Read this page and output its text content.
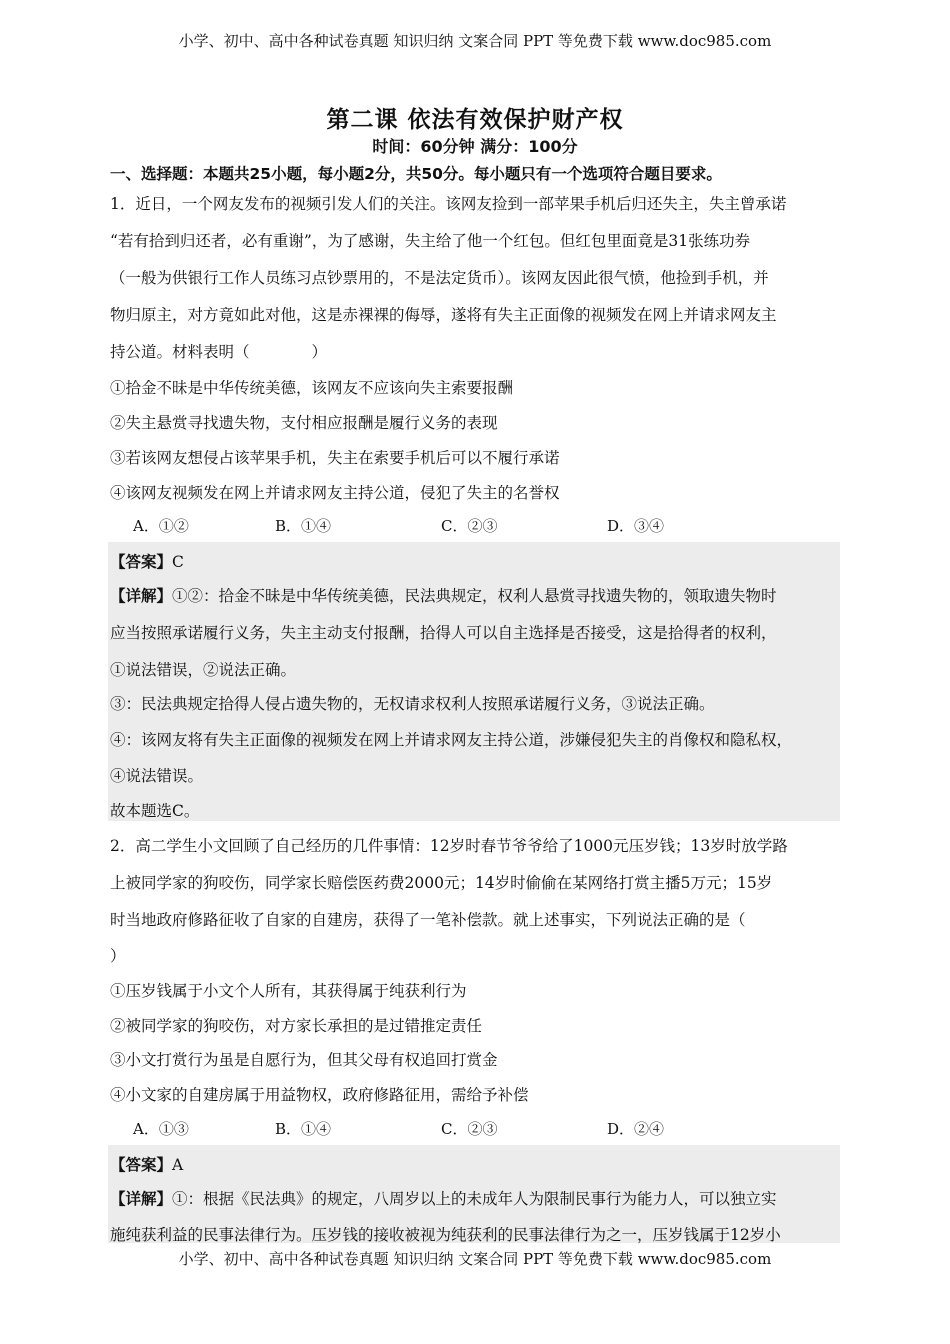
小学、初中、高中各种试卷真题 知识归纳 文案合同 PPT 等免费下载 www.doc985.com
第二课 依法有效保护财产权
时间：60分钟 满分：100分
一、选择题：本题共25小题，每小题2分，共50分。每小题只有一个选项符合题目要求。
1．近日，一个网友发布的视频引发人们的关注。该网友捡到一部苹果手机后归还失主，失主曾承诺
“若有拾到归还者，必有重谢”，为了感谢，失主给了他一个红包。但红包里面竟是31张练功券
（一般为供银行工作人员练习点钞票用的，不是法定货币）。该网友因此很气愤，他捡到手机，并
物归原主，对方竟如此对他，这是赤裸裸的侮辱，遂将有失主正面像的视频发在网上并请求网友主
持公道。材料表明（　　　　）
①拾金不昧是中华传统美德，该网友不应该向失主索要报酬
②失主悬赏寻找遗失物，支付相应报酬是履行义务的表现
③若该网友想侵占该苹果手机，失主在索要手机后可以不履行承诺
④该网友视频发在网上并请求网友主持公道，侵犯了失主的名誉权
A．①②	B．①④	C．②③	D．③④
【答案】C
【详解】①②：拾金不昧是中华传统美德，民法典规定，权利人悬赏寻找遗失物的，领取遗失物时
应当按照承诺履行义务，失主主动支付报酬，拾得人可以自主选择是否接受，这是拾得者的权利，
①说法错误，②说法正确。
③：民法典规定拾得人侵占遗失物的，无权请求权利人按照承诺履行义务，③说法正确。
④：该网友将有失主正面像的视频发在网上并请求网友主持公道，涉嫌侵犯失主的肖像权和隐私权，
④说法错误。
故本题选C。
2．高二学生小文回顾了自己经历的几件事情：12岁时春节爷爷给了1000元压岁钱；13岁时放学路
上被同学家的狗咬伤，同学家长赔偿医药费2000元；14岁时偷偷在某网络打赏主播5万元；15岁
时当地政府修路征收了自家的自建房，获得了一笔补偿款。就上述事实，下列说法正确的是（
）
①压岁钱属于小文个人所有，其获得属于纯获利行为
②被同学家的狗咬伤，对方家长承担的是过错推定责任
③小文打赏行为虽是自愿行为，但其父母有权追回打赏金
④小文家的自建房属于用益物权，政府修路征用，需给予补偿
A．①③	B．①④	C．②③	D．②④
【答案】A
【详解】①：根据《民法典》的规定，八周岁以上的未成年人为限制民事行为能力人，可以独立实
施纯获利益的民事法律行为。压岁钱的接收被视为纯获利的民事法律行为之一，压岁钱属于12岁小
小学、初中、高中各种试卷真题 知识归纳 文案合同 PPT 等免费下载 www.doc985.com
